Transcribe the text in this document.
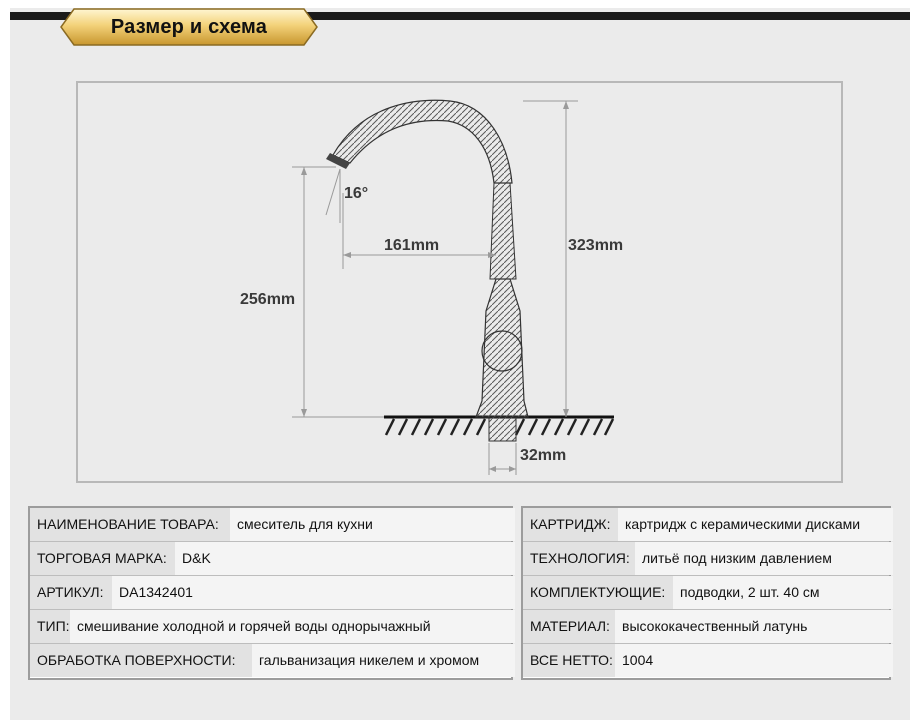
Размер и схема
16°
161mm	323mm
256mm
32mm
НАИМЕНОВАНИЕ ТОВАРА:	смеситель для кухни
ТОРГОВАЯ МАРКА:	D&K
АРТИКУЛ:	DA1342401
ТИП: смешивание холодной и горячей воды однорычажный
ОБРАБОТКА ПОВЕРХНОСТИ:	гальванизация никелем и хромом
КАРТРИДЖ:	картридж с керамическими дисками
ТЕХНОЛОГИЯ: литьё под низким давлением
КОМПЛЕКТУЮЩИЕ:	подводки, 2 шт. 40 см
МАТЕРИАЛ: высококачественный латунь
ВСЕ НЕТТО: 1004
